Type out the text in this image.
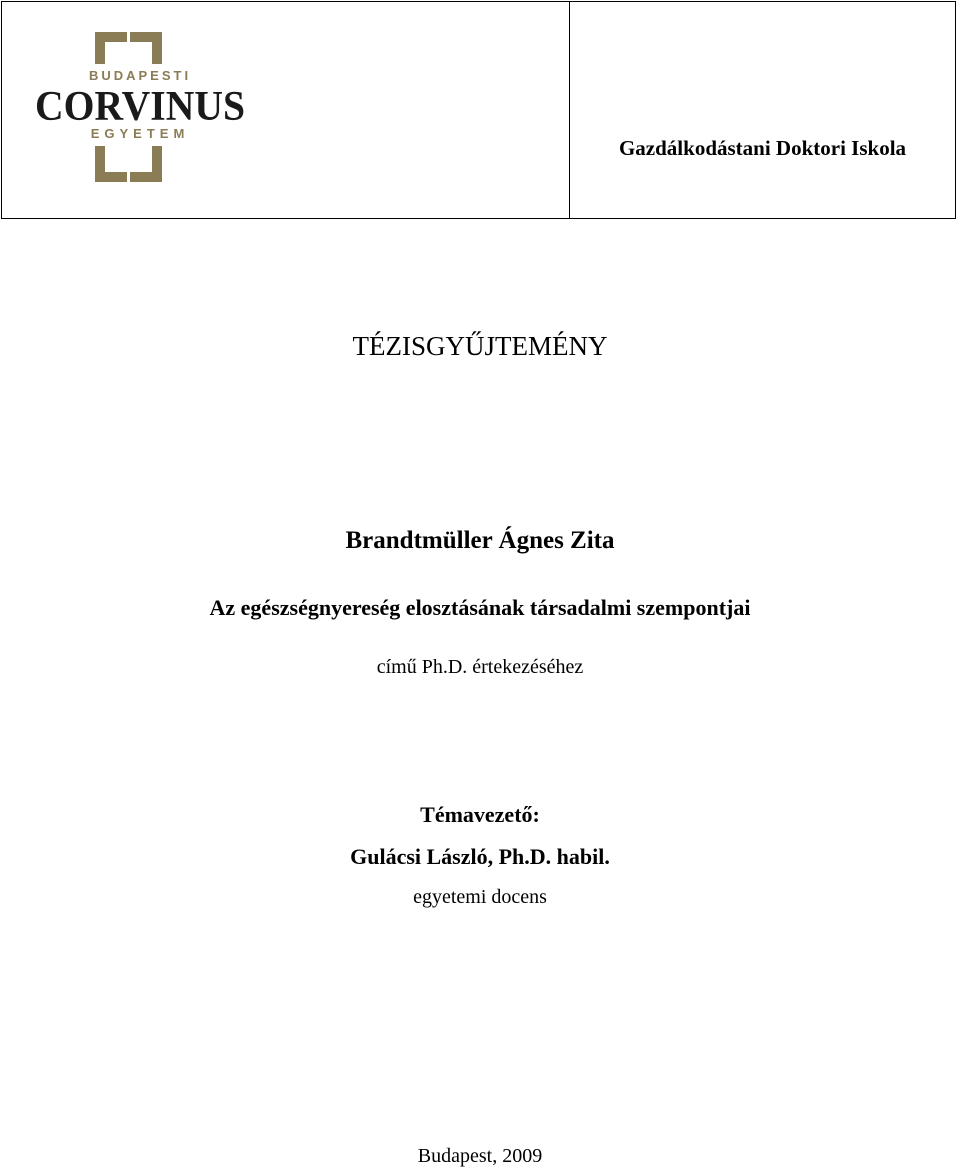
BUDAPESTI
CORVINUS
EGYETEM
Gazdálkodástani Doktori Iskola
TÉZISGYŰJTEMÉNY
Brandtmüller Ágnes Zita
Az egészségnyereség elosztásának társadalmi szempontjai
című Ph.D. értekezéséhez
Témavezető:
Gulácsi László, Ph.D. habil.
egyetemi docens
Budapest, 2009
